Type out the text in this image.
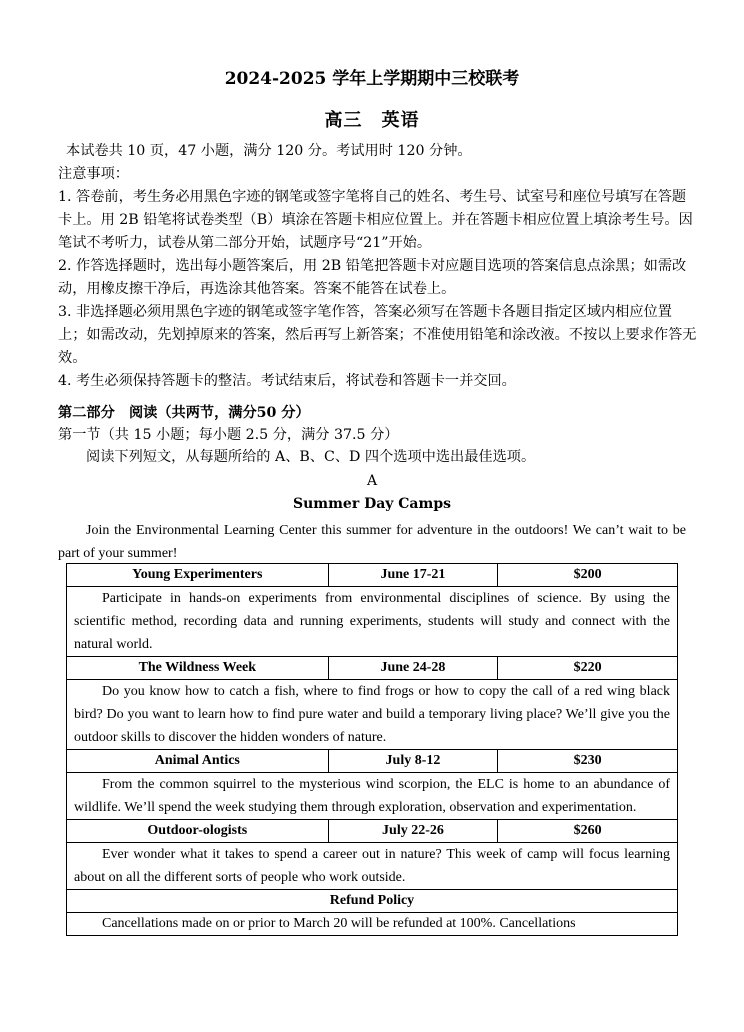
2024-2025 学年上学期期中三校联考
高三　英语

本试卷共 10 页，47 小题，满分 120 分。考试用时 120 分钟。

注意事项：

1. 答卷前，考生务必用黑色字迹的钢笔或签字笔将自己的姓名、考生号、试室号和座位号填写在答题卡上。用 2B 铅笔将试卷类型（B）填涂在答题卡相应位置上。并在答题卡相应位置上填涂考生号。因笔试不考听力，试卷从第二部分开始，试题序号“21”开始。

2. 作答选择题时，选出每小题答案后，用 2B 铅笔把答题卡对应题目选项的答案信息点涂黑；如需改动，用橡皮擦干净后，再选涂其他答案。答案不能答在试卷上。

3. 非选择题必须用黑色字迹的钢笔或签字笔作答，答案必须写在答题卡各题目指定区域内相应位置上；如需改动，先划掉原来的答案，然后再写上新答案；不准使用铅笔和涂改液。不按以上要求作答无效。

4. 考生必须保持答题卡的整洁。考试结束后，将试卷和答题卡一并交回。

第二部分　阅读（共两节，满分50 分）
第一节（共 15 小题；每小题 2.5 分，满分 37.5 分）
阅读下列短文，从每题所给的 A、B、C、D 四个选项中选出最佳选项。
A
Summer Day Camps
Join the Environmental Learning Center this summer for adventure in the outdoors! We can’t wait to be part of your summer!
Young Experimenters	June 17-21	$200
Participate in hands-on experiments from environmental disciplines of science. By using the scientific method, recording data and running experiments, students will study and connect with the natural world.		
The Wildness Week	June 24-28	$220
Do you know how to catch a fish, where to find frogs or how to copy the call of a red wing black bird? Do you want to learn how to find pure water and build a temporary living place? We’ll give you the outdoor skills to discover the hidden wonders of nature.		
Animal Antics	July 8-12	$230
From the common squirrel to the mysterious wind scorpion, the ELC is home to an abundance of wildlife. We’ll spend the week studying them through exploration, observation and experimentation.		
Outdoor-ologists	July 22-26	$260
Ever wonder what it takes to spend a career out in nature? This week of camp will focus learning about on all the different sorts of people who work outside.		
Refund Policy		
Cancellations made on or prior to March 20 will be refunded at 100%. Cancellations		
